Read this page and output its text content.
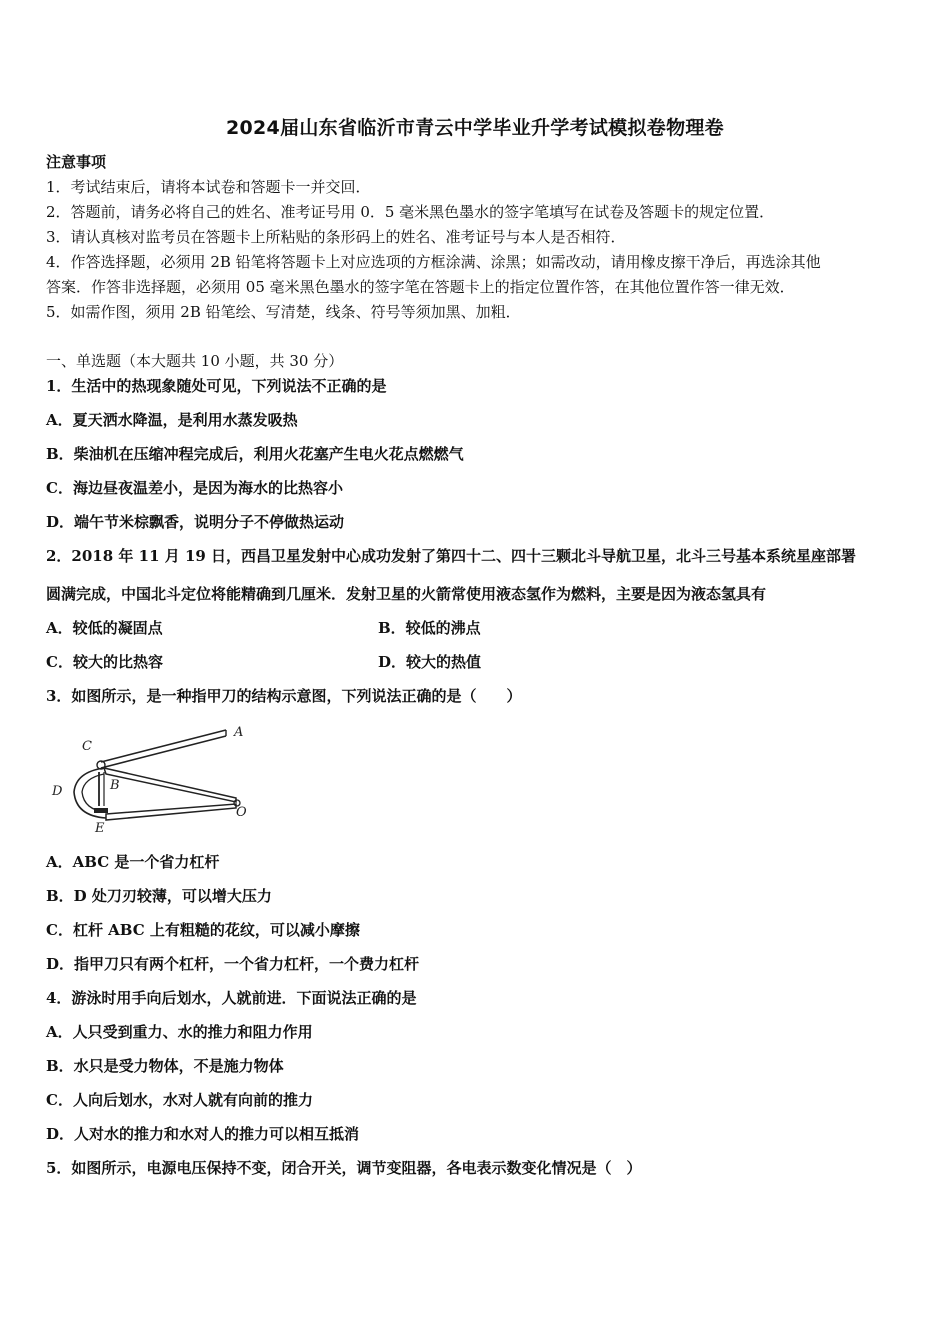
2024届山东省临沂市青云中学毕业升学考试模拟卷物理卷
注意事项
1．考试结束后，请将本试卷和答题卡一并交回．
2．答题前，请务必将自己的姓名、准考证号用 0．5 毫米黑色墨水的签字笔填写在试卷及答题卡的规定位置．
3．请认真核对监考员在答题卡上所粘贴的条形码上的姓名、准考证号与本人是否相符．
4．作答选择题，必须用 2B 铅笔将答题卡上对应选项的方框涂满、涂黑；如需改动，请用橡皮擦干净后，再选涂其他
答案．作答非选择题，必须用 05 毫米黑色墨水的签字笔在答题卡上的指定位置作答，在其他位置作答一律无效．
5．如需作图，须用 2B 铅笔绘、写清楚，线条、符号等须加黑、加粗．
一、单选题（本大题共 10 小题，共 30 分）
1．生活中的热现象随处可见，下列说法不正确的是
A．夏天洒水降温，是利用水蒸发吸热
B．柴油机在压缩冲程完成后，利用火花塞产生电火花点燃燃气
C．海边昼夜温差小，是因为海水的比热容小
D．端午节米棕飘香，说明分子不停做热运动
2．2018 年 11 月 19 日，西昌卫星发射中心成功发射了第四十二、四十三颗北斗导航卫星，北斗三号基本系统星座部署
圆满完成，中国北斗定位将能精确到几厘米．发射卫星的火箭常使用液态氢作为燃料，主要是因为液态氢具有
A．较低的凝固点	B．较低的沸点
C．较大的比热容	D．较大的热值
3．如图所示，是一种指甲刀的结构示意图，下列说法正确的是（　　）
A
B
C
D
E
O
A．ABC 是一个省力杠杆
B．D 处刀刃较薄，可以增大压力
C．杠杆 ABC 上有粗糙的花纹，可以减小摩擦
D．指甲刀只有两个杠杆，一个省力杠杆，一个费力杠杆
4．游泳时用手向后划水，人就前进．下面说法正确的是
A．人只受到重力、水的推力和阻力作用
B．水只是受力物体，不是施力物体
C．人向后划水，水对人就有向前的推力
D．人对水的推力和水对人的推力可以相互抵消
5．如图所示，电源电压保持不变，闭合开关，调节变阻器，各电表示数变化情况是（　）
